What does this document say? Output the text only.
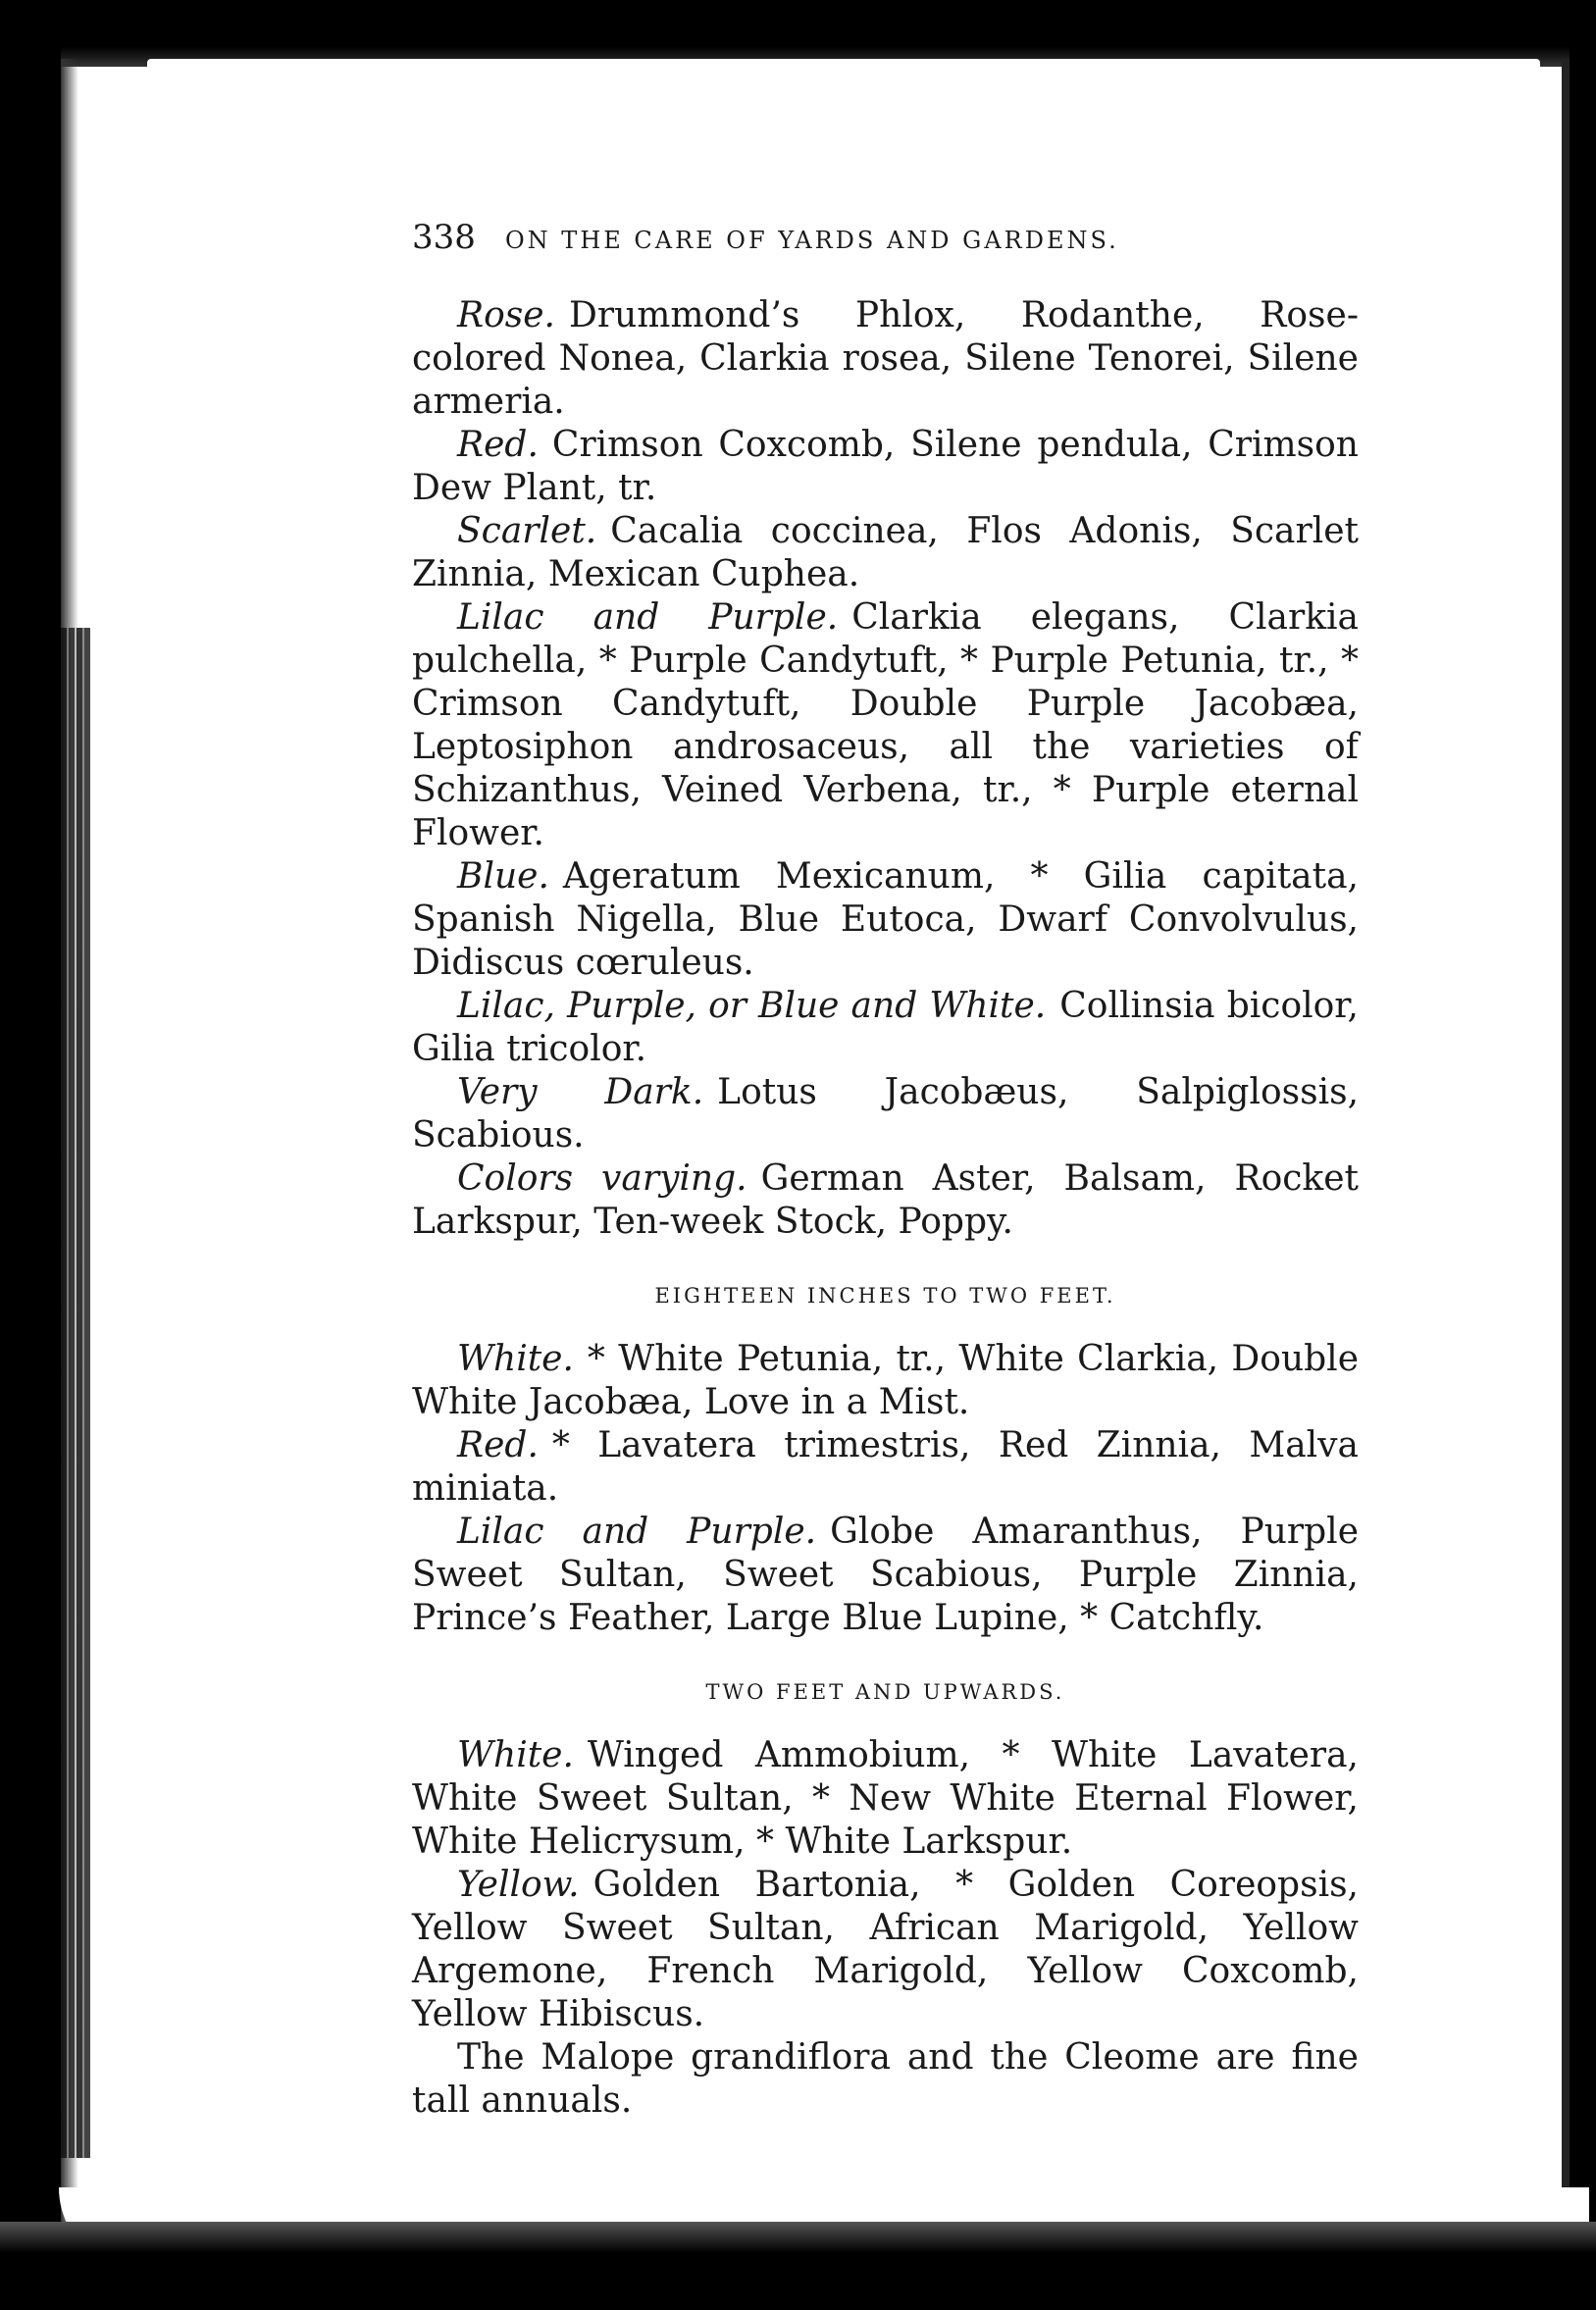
338	ON THE CARE OF YARDS AND GARDENS.

Rose. Drummond’s Phlox, Rodanthe, Rose-colored Nonea, Clarkia rosea, Silene Tenorei, Silene armeria.

Red. Crimson Coxcomb, Silene pendula, Crimson Dew Plant, tr.

Scarlet. Cacalia coccinea, Flos Adonis, Scarlet Zinnia, Mexican Cuphea.

Lilac and Purple. Clarkia elegans, Clarkia pulchella, * Purple Candytuft, * Purple Petunia, tr., * Crimson Candytuft, Double Purple Jacobæa, Leptosiphon androsaceus, all the varieties of Schizanthus, Veined Verbena, tr., * Purple eternal Flower.

Blue. Ageratum Mexicanum, * Gilia capitata, Spanish Nigella, Blue Eutoca, Dwarf Convolvulus, Didiscus cœruleus.

Lilac, Purple, or Blue and White. Collinsia bicolor, Gilia tricolor.

Very Dark. Lotus Jacobæus, Salpiglossis, Scabious.

Colors varying. German Aster, Balsam, Rocket Larkspur, Ten-week Stock, Poppy.

EIGHTEEN INCHES TO TWO FEET.

White. * White Petunia, tr., White Clarkia, Double White Jacobæa, Love in a Mist.

Red. * Lavatera trimestris, Red Zinnia, Malva miniata.

Lilac and Purple. Globe Amaranthus, Purple Sweet Sultan, Sweet Scabious, Purple Zinnia, Prince’s Feather, Large Blue Lupine, * Catchfly.

TWO FEET AND UPWARDS.

White. Winged Ammobium, * White Lavatera, White Sweet Sultan, * New White Eternal Flower, White Helicrysum, * White Larkspur.

Yellow. Golden Bartonia, * Golden Coreopsis, Yellow Sweet Sultan, African Marigold, Yellow Argemone, French Marigold, Yellow Coxcomb, Yellow Hibiscus.

The Malope grandiflora and the Cleome are fine tall annuals.
